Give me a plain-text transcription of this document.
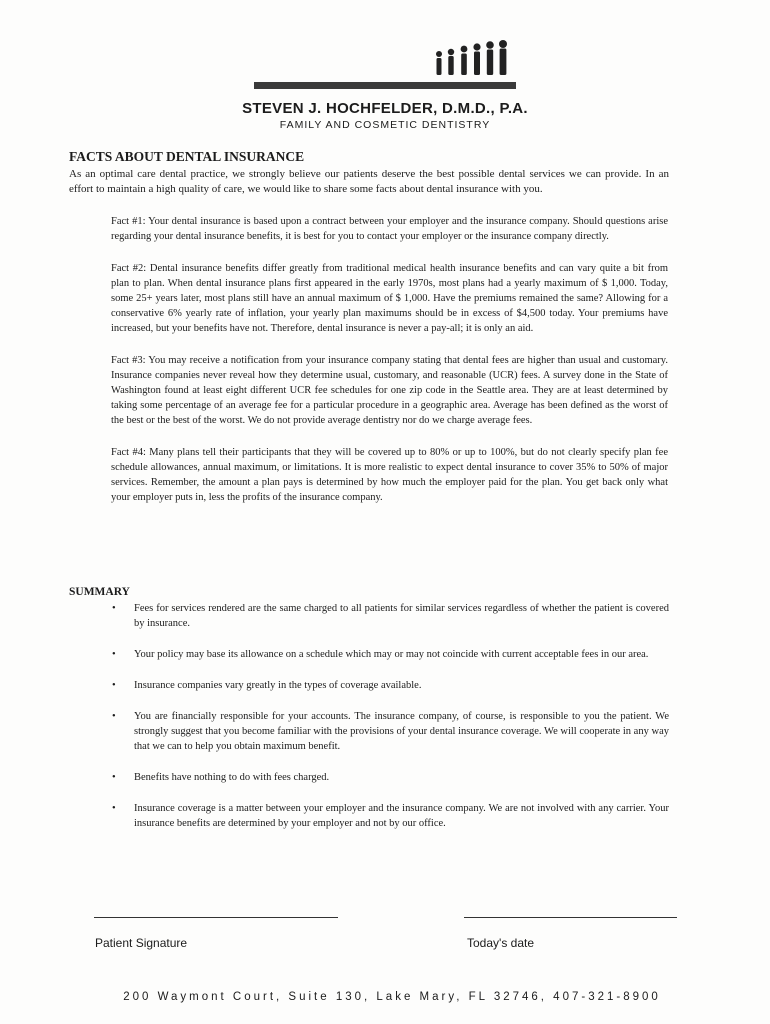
STEVEN J. HOCHFELDER, D.M.D., P.A.
FAMILY AND COSMETIC DENTISTRY
FACTS ABOUT DENTAL INSURANCE
As an optimal care dental practice, we strongly believe our patients deserve the best possible dental services we can provide. In an effort to maintain a high quality of care, we would like to share some facts about dental insurance with you.

Fact #1: Your dental insurance is based upon a contract between your employer and the insurance company. Should questions arise regarding your dental insurance benefits, it is best for you to contact your employer or the insurance company directly.

Fact #2: Dental insurance benefits differ greatly from traditional medical health insurance benefits and can vary quite a bit from plan to plan. When dental insurance plans first appeared in the early 1970s, most plans had a yearly maximum of $ 1,000. Today, some 25+ years later, most plans still have an annual maximum of $ 1,000. Have the premiums remained the same? Allowing for a conservative 6% yearly rate of inflation, your yearly plan maximums should be in excess of $4,500 today. Your premiums have increased, but your benefits have not. Therefore, dental insurance is never a pay-all; it is only an aid.

Fact #3: You may receive a notification from your insurance company stating that dental fees are higher than usual and customary. Insurance companies never reveal how they determine usual, customary, and reasonable (UCR) fees. A survey done in the State of Washington found at least eight different UCR fee schedules for one zip code in the Seattle area. They are at least determined by taking some percentage of an average fee for a particular procedure in a geographic area. Average has been defined as the worst of the best or the best of the worst. We do not provide average dentistry nor do we charge average fees.

Fact #4: Many plans tell their participants that they will be covered up to 80% or up to 100%, but do not clearly specify plan fee schedule allowances, annual maximum, or limitations. It is more realistic to expect dental insurance to cover 35% to 50% of major services. Remember, the amount a plan pays is determined by how much the employer paid for the plan. You get back only what your employer puts in, less the profits of the insurance company.

SUMMARY
• Fees for services rendered are the same charged to all patients for similar services regardless of whether the patient is covered by insurance.
• Your policy may base its allowance on a schedule which may or may not coincide with current acceptable fees in our area.
• Insurance companies vary greatly in the types of coverage available.
• You are financially responsible for your accounts. The insurance company, of course, is responsible to you the patient. We strongly suggest that you become familiar with the provisions of your dental insurance coverage. We will cooperate in any way that we can to help you obtain maximum benefit.
• Benefits have nothing to do with fees charged.
• Insurance coverage is a matter between your employer and the insurance company. We are not involved with any carrier. Your insurance benefits are determined by your employer and not by our office.
Patient Signature	Today's date
200 Waymont Court, Suite 130, Lake Mary, FL 32746, 407-321-8900
